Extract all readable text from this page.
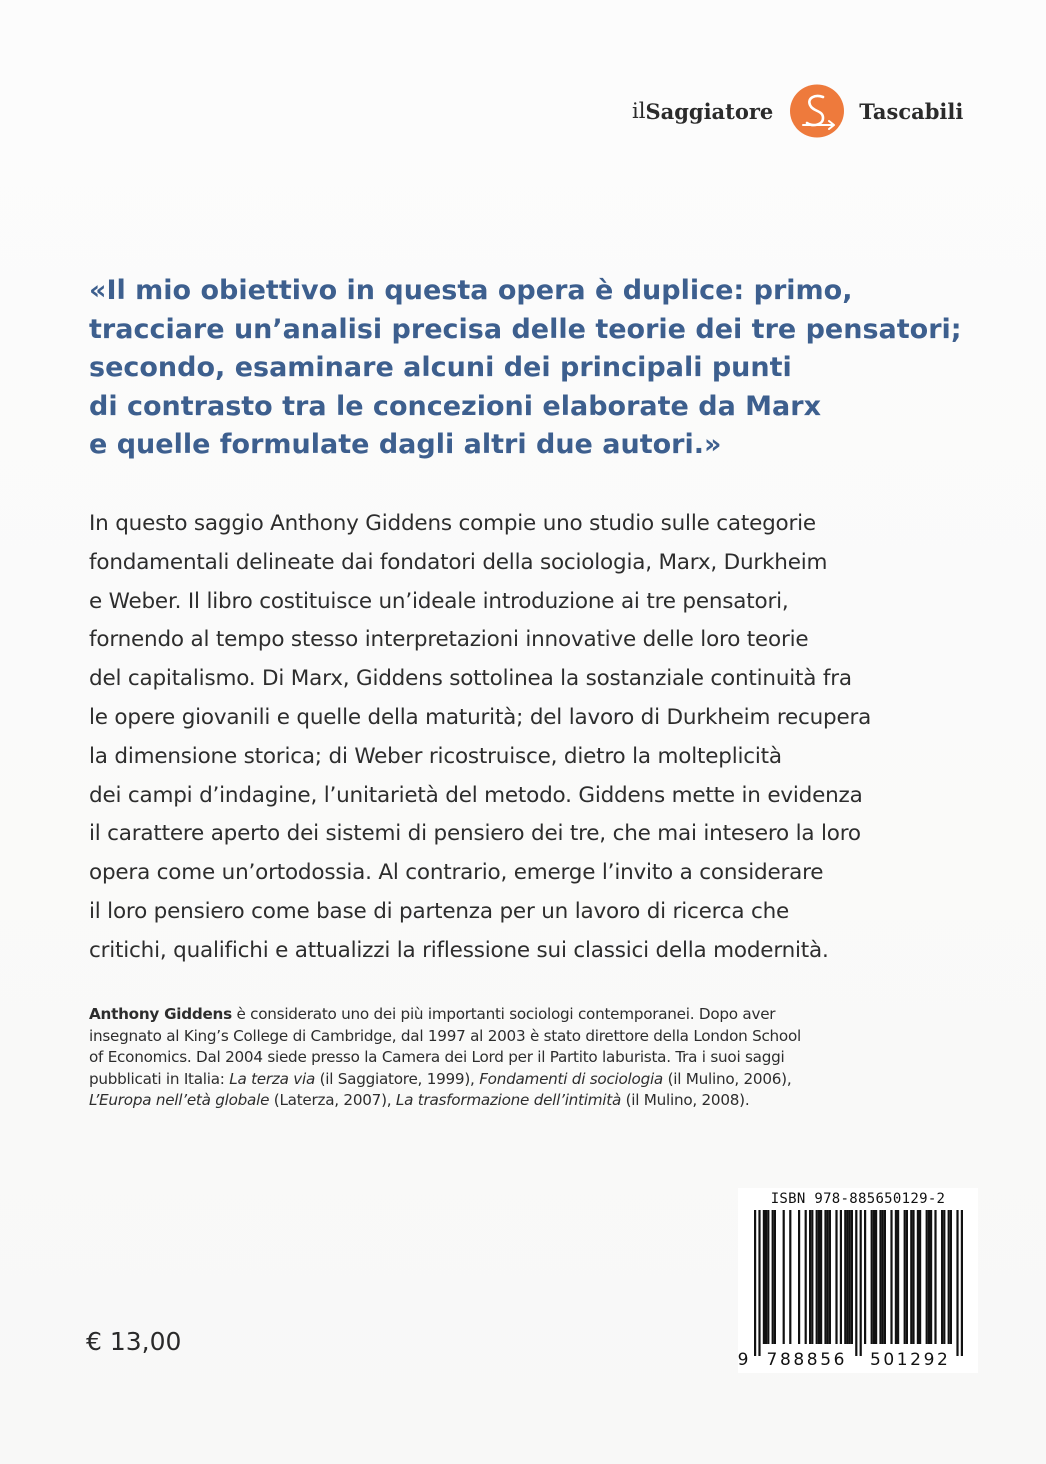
il Saggiatore	Tascabili
«Il mio obiettivo in questa opera è duplice: primo,
tracciare un’analisi precisa delle teorie dei tre pensatori;
secondo, esaminare alcuni dei principali punti
di contrasto tra le concezioni elaborate da Marx
e quelle formulate dagli altri due autori.»
In questo saggio Anthony Giddens compie uno studio sulle categorie
fondamentali delineate dai fondatori della sociologia, Marx, Durkheim
e Weber. Il libro costituisce un’ideale introduzione ai tre pensatori,
fornendo al tempo stesso interpretazioni innovative delle loro teorie
del capitalismo. Di Marx, Giddens sottolinea la sostanziale continuità fra
le opere giovanili e quelle della maturità; del lavoro di Durkheim recupera
la dimensione storica; di Weber ricostruisce, dietro la molteplicità
dei campi d’indagine, l’unitarietà del metodo. Giddens mette in evidenza
il carattere aperto dei sistemi di pensiero dei tre, che mai intesero la loro
opera come un’ortodossia. Al contrario, emerge l’invito a considerare
il loro pensiero come base di partenza per un lavoro di ricerca che
critichi, qualifichi e attualizzi la riflessione sui classici della modernità.
Anthony Giddens è considerato uno dei più importanti sociologi contemporanei. Dopo aver
insegnato al King’s College di Cambridge, dal 1997 al 2003 è stato direttore della London School
of Economics. Dal 2004 siede presso la Camera dei Lord per il Partito laburista. Tra i suoi saggi
pubblicati in Italia: La terza via (il Saggiatore, 1999), Fondamenti di sociologia (il Mulino, 2006),
L’Europa nell’età globale (Laterza, 2007), La trasformazione dell’intimità (il Mulino, 2008).
ISBN 978-885650129-2
9 788856 501292
€ 13,00
